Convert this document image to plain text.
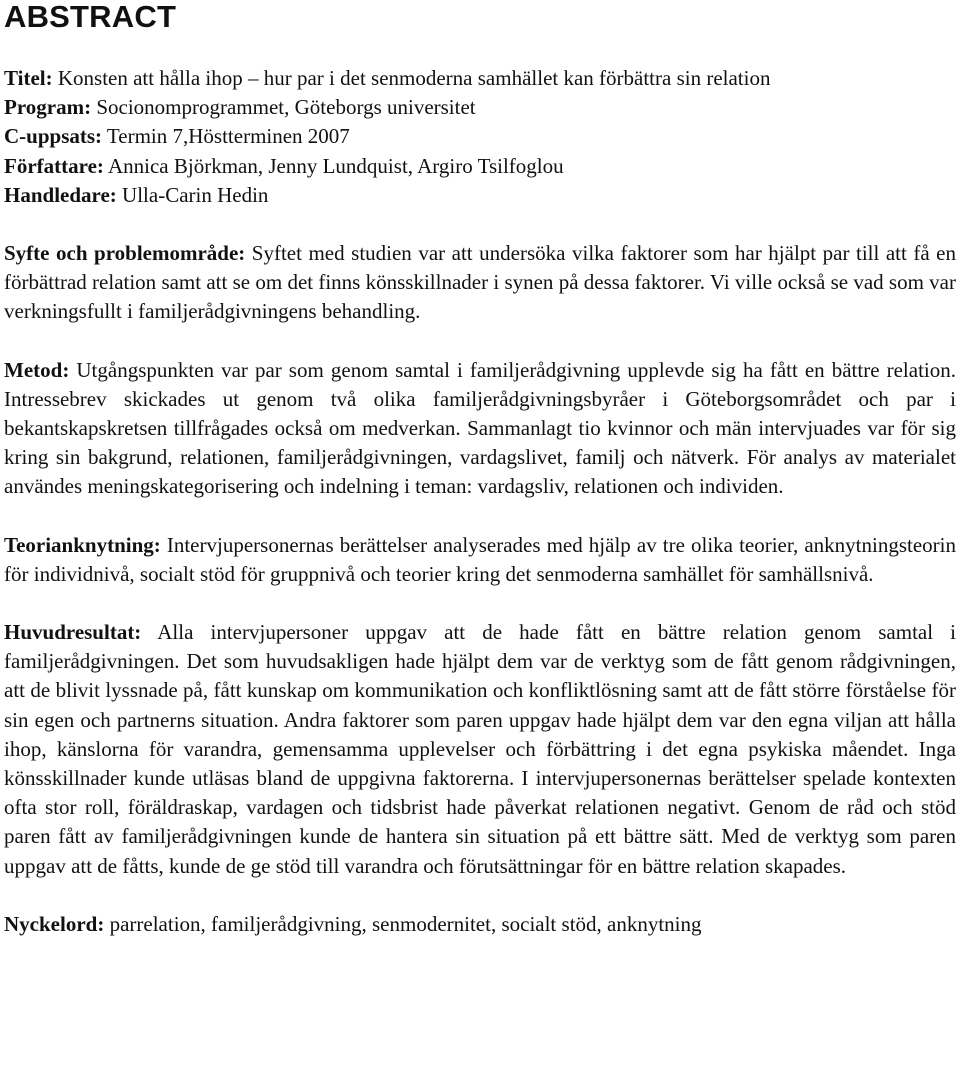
ABSTRACT
Titel: Konsten att hålla ihop – hur par i det senmoderna samhället kan förbättra sin relation
Program: Socionomprogrammet, Göteborgs universitet
C-uppsats: Termin 7,Höstterminen 2007
Författare: Annica Björkman, Jenny Lundquist, Argiro Tsilfoglou
Handledare: Ulla-Carin Hedin

Syfte och problemområde: Syftet med studien var att undersöka vilka faktorer som har hjälpt par till att få en förbättrad relation samt att se om det finns könsskillnader i synen på dessa faktorer. Vi ville också se vad som var verkningsfullt i familjerådgivningens behandling.

Metod: Utgångspunkten var par som genom samtal i familjerådgivning upplevde sig ha fått en bättre relation. Intressebrev skickades ut genom två olika familjerådgivningsbyråer i Göteborgsområdet och par i bekantskapskretsen tillfrågades också om medverkan. Sammanlagt tio kvinnor och män intervjuades var för sig kring sin bakgrund, relationen, familjerådgivningen, vardagslivet, familj och nätverk. För analys av materialet användes meningskategorisering och indelning i teman: vardagsliv, relationen och individen.

Teorianknytning: Intervjupersonernas berättelser analyserades med hjälp av tre olika teorier, anknytningsteorin för individnivå, socialt stöd för gruppnivå och teorier kring det senmoderna samhället för samhällsnivå.

Huvudresultat: Alla intervjupersoner uppgav att de hade fått en bättre relation genom samtal i familjerådgivningen. Det som huvudsakligen hade hjälpt dem var de verktyg som de fått genom rådgivningen, att de blivit lyssnade på, fått kunskap om kommunikation och konfliktlösning samt att de fått större förståelse för sin egen och partnerns situation. Andra faktorer som paren uppgav hade hjälpt dem var den egna viljan att hålla ihop, känslorna för varandra, gemensamma upplevelser och förbättring i det egna psykiska måendet. Inga könsskillnader kunde utläsas bland de uppgivna faktorerna. I intervjupersonernas berättelser spelade kontexten ofta stor roll, föräldraskap, vardagen och tidsbrist hade påverkat relationen negativt. Genom de råd och stöd paren fått av familjerådgivningen kunde de hantera sin situation på ett bättre sätt. Med de verktyg som paren uppgav att de fåtts, kunde de ge stöd till varandra och förutsättningar för en bättre relation skapades.

Nyckelord: parrelation, familjerådgivning, senmodernitet, socialt stöd, anknytning
